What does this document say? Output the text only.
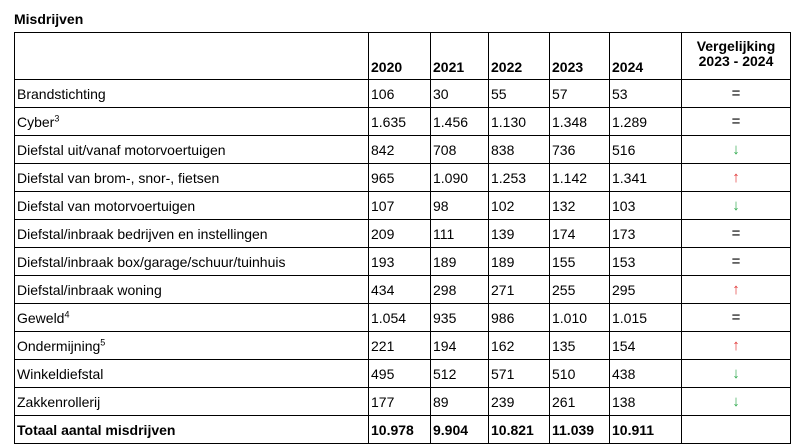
Misdrijven
	2020	2021	2022	2023	2024	Vergelijking
2023 - 2024
Brandstichting	106	30	55	57	53	=
Cyber$^3$	1.635	1.456	1.130	1.348	1.289	=
Diefstal uit/vanaf motorvoertuigen	842	708	838	736	516	↓
Diefstal van brom-, snor-, fietsen	965	1.090	1.253	1.142	1.341	↑
Diefstal van motorvoertuigen	107	98	102	132	103	↓
Diefstal/inbraak bedrijven en instellingen	209	111	139	174	173	=
Diefstal/inbraak box/garage/schuur/tuinhuis	193	189	189	155	153	=
Diefstal/inbraak woning	434	298	271	255	295	↑
Geweld$^4$	1.054	935	986	1.010	1.015	=
Ondermijning$^5$	221	194	162	135	154	↑
Winkeldiefstal	495	512	571	510	438	↓
Zakkenrollerij	177	89	239	261	138	↓
Totaal aantal misdrijven	10.978	9.904	10.821	11.039	10.911	
